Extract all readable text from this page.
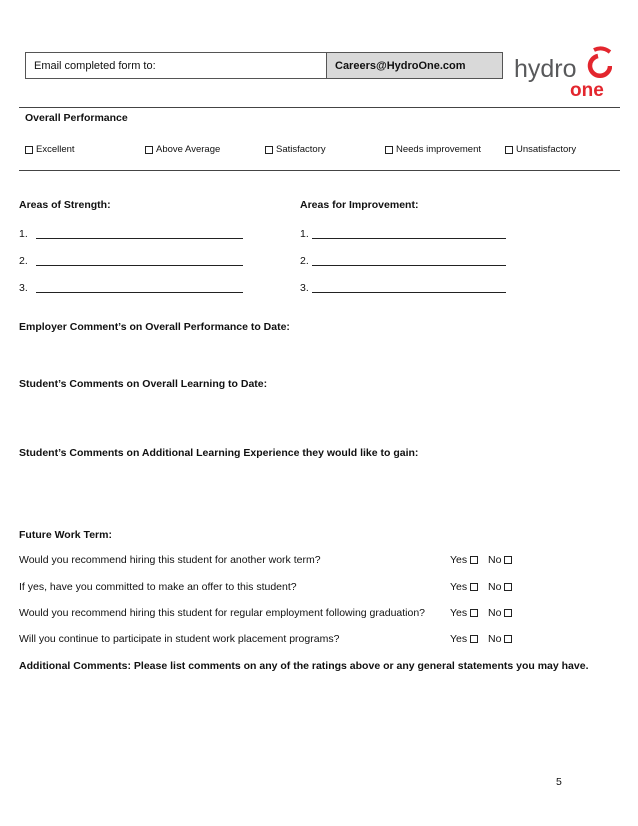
Email completed form to:	Careers@HydroOne.com	hydro
one
Overall Performance
Excellent	Above Average	Satisfactory	Needs improvement	Unsatisfactory
Areas of Strength:	Areas for Improvement:
1.
2.
3.
1.
2.
3.
Employer Comment’s on Overall Performance to Date:
Student’s Comments on Overall Learning to Date:
Student’s Comments on Additional Learning Experience they would like to gain:
Future Work Term:
Would you recommend hiring this student for another work term?	Yes No
If yes, have you committed to make an offer to this student?	Yes No
Would you recommend hiring this student for regular employment following graduation? Yes No
Will you continue to participate in student work placement programs?	Yes No
Additional Comments: Please list comments on any of the ratings above or any general statements you may have.
5
